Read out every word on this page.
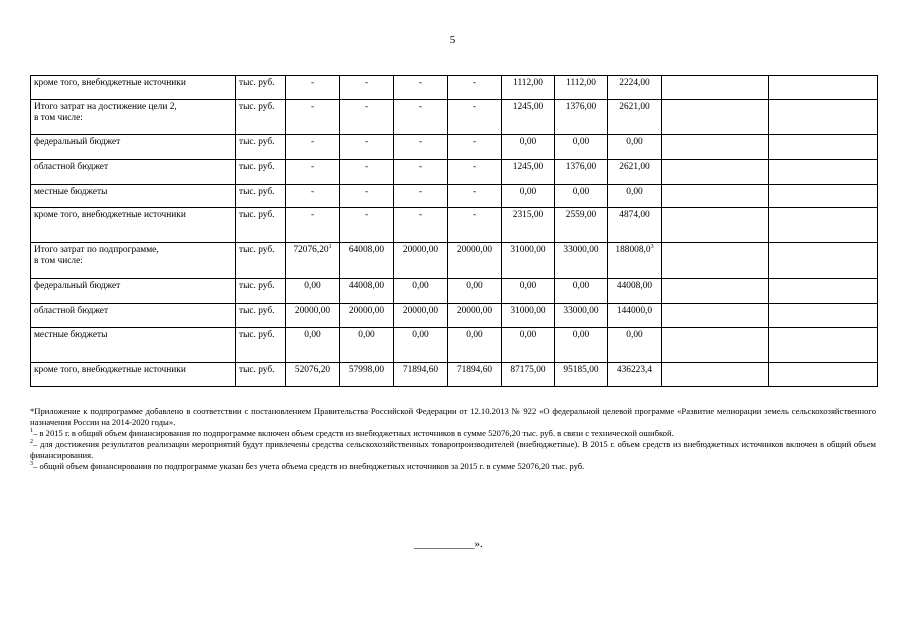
5
кроме того, внебюджетные источники	тыс. руб.	-	-	-	-	1112,00	1112,00	2224,00		

Итого затрат на достижение цели 2,
в том числе:	тыс. руб.	-	-	-	-	1245,00	1376,00	2621,00		

федеральный бюджет	тыс. руб.	-	-	-	-	0,00	0,00	0,00		

областной бюджет	тыс. руб.	-	-	-	-	1245,00	1376,00	2621,00		

местные бюджеты	тыс. руб.	-	-	-	-	0,00	0,00	0,00		

кроме того, внебюджетные источники	тыс. руб.	-	-	-	-	2315,00	2559,00	4874,00		

Итого затрат по подпрограмме,
в том числе:	тыс. руб.	72076,20$^1$	64008,00	20000,00	20000,00	31000,00	33000,00	188008,0$^3$		

федеральный бюджет	тыс. руб.	0,00	44008,00	0,00	0,00	0,00	0,00	44008,00		

областной бюджет	тыс. руб.	20000,00	20000,00	20000,00	20000,00	31000,00	33000,00	144000,0		

местные бюджеты	тыс. руб.	0,00	0,00	0,00	0,00	0,00	0,00	0,00		

кроме того, внебюджетные источники	тыс. руб.	52076,20	57998,00	71894,60	71894,60	87175,00	95185,00	436223,4		

*Приложение к подпрограмме добавлено в соответствии с постановлением Правительства Российской Федерации от 12.10.2013 № 922 «О федеральной целевой программе «Развитие мелиорации земель сельскохозяйственного назначения России на 2014-2020 годы».

$^1$– в 2015 г. в общий объем финансирования по подпрограмме включен объем средств из внебюджетных источников в сумме 52076,20 тыс. руб. в связи с технической ошибкой.

$^2$– для достижения результатов реализации мероприятий будут привлечены средства сельскохозяйственных товаропроизводителей (внебюджетные). В 2015 г. объем средств из внебюджетных источников включен в общий объем финансирования.

$^3$– общий объем финансирования по подпрограмме указан без учета объема средств из внебюджетных источников за 2015 г. в сумме 52076,20 тыс. руб.

___________».
